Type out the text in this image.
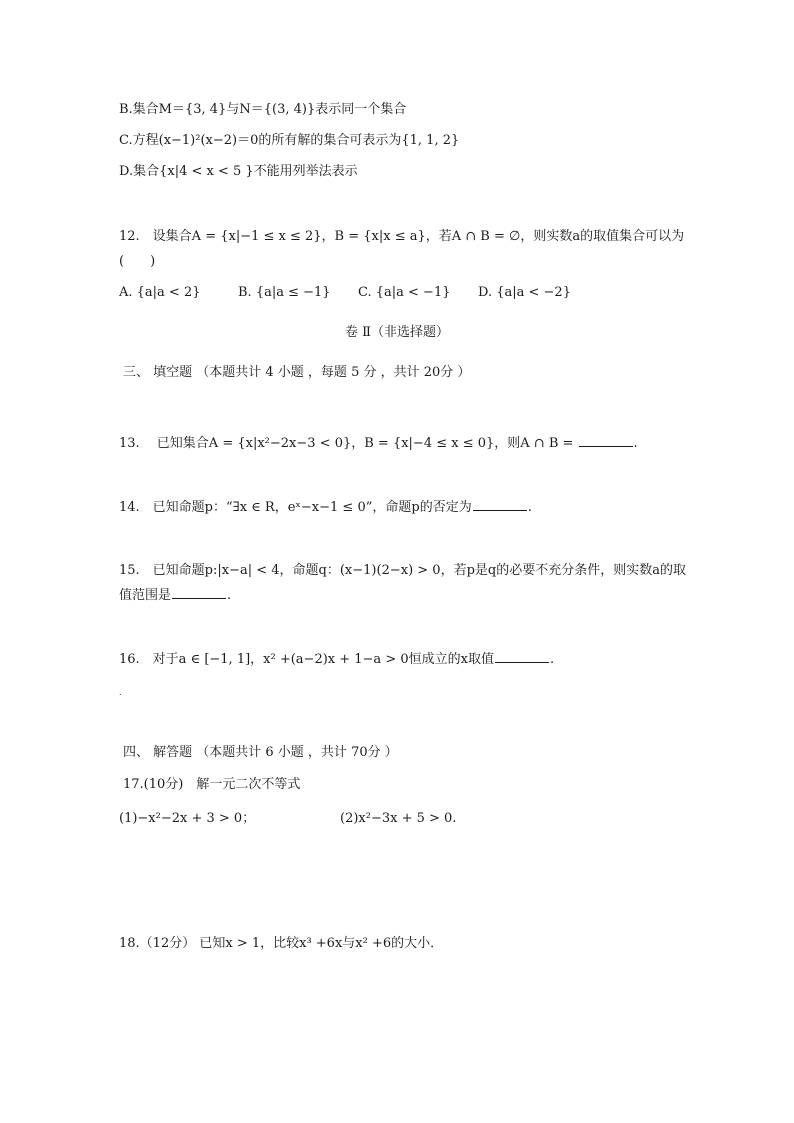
B.集合M＝{3, 4}与N＝{(3, 4)}表示同一个集合
C.方程(x−1)²(x−2)＝0的所有解的集合可表示为{1, 1, 2}
D.集合{x|4 < x < 5 }不能用列举法表示
12.　设集合A = {x|−1 ≤ x ≤ 2}，B = {x|x ≤ a}，若A ∩ B = ∅，则实数a的取值集合可以为
(　　)
A. {a|a < 2}	B. {a|a ≤ −1} C. {a|a < −1} D. {a|a < −2}
卷 Ⅱ（非选择题）
三、 填空题 （本题共计 4 小题 ，每题 5 分 ，共计 20分 ）
13.　 已知集合A = {x|x²−2x−3 < 0}，B = {x|−4 ≤ x ≤ 0}，则A ∩ B =	.
14.　已知命题p：“∃x ∈ R，eˣ−x−1 ≤ 0”，命题p的否定为	.
15.　已知命题p:|x−a| < 4，命题q：(x−1)(2−x) > 0，若p是q的必要不充分条件，则实数a的取
值范围是	.
16.　对于a ∈ [−1, 1]，x² +(a−2)x + 1−a > 0恒成立的x取值	.
.
四、 解答题 （本题共计 6 小题 ，共计 70分 ）
17.(10分)　解一元二次不等式
(1)−x²−2x + 3 > 0；	(2)x²−3x + 5 > 0.
18.（12分） 已知x > 1，比较x³ +6x与x² +6的大小．
